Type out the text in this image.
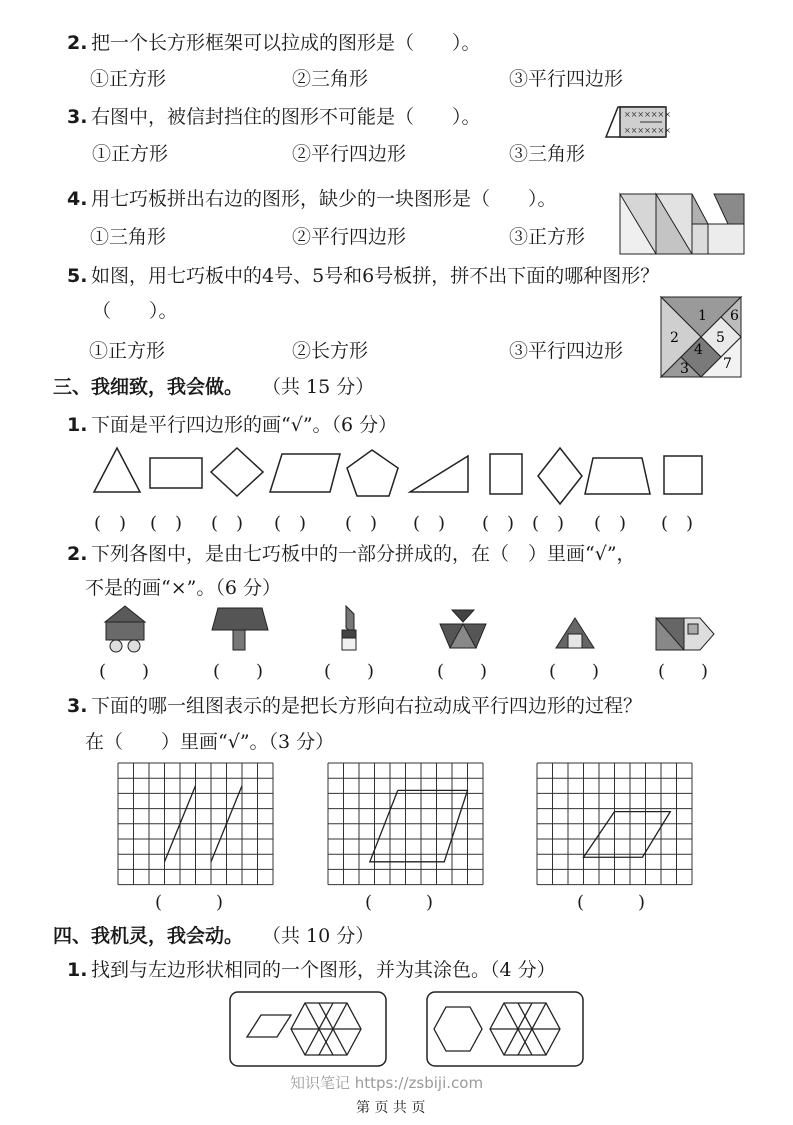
2. 把一个长方形框架可以拉成的图形是（　　）。
①正方形	②三角形	③平行四边形
3. 右图中，被信封挡住的图形不可能是（　　）。	×××××××
×××××××
①正方形	②平行四边形	③三角形
4. 用七巧板拼出右边的图形，缺少的一块图形是（　　）。
①三角形	②平行四边形	③正方形
5. 如图，用七巧板中的4号、5号和6号板拼，拼不出下面的哪种图形？
（　　）。	1
2
3
4
5
6
7
①正方形	②长方形	③平行四边形
三、我细致，我会做。 （共 15 分）
1. 下面是平行四边形的画“√”。（6 分）
(　) (　) (　) (　) (　) (　) (　) (　) (　) (　)
2. 下列各图中，是由七巧板中的一部分拼成的，在（　）里画“√”，
不是的画“×”。（6 分）
(　　)	(　　)	(　　)	(　　)	(　　)	(　　)
3. 下面的哪一组图表示的是把长方形向右拉动成平行四边形的过程？
在（　　）里画“√”。（3 分）
(　　　)	(　　　)	(　　　)
四、我机灵，我会动。 （共 10 分）
1. 找到与左边形状相同的一个图形，并为其涂色。（4 分）
知识笔记 https://zsbiji.com
第 页 共 页
